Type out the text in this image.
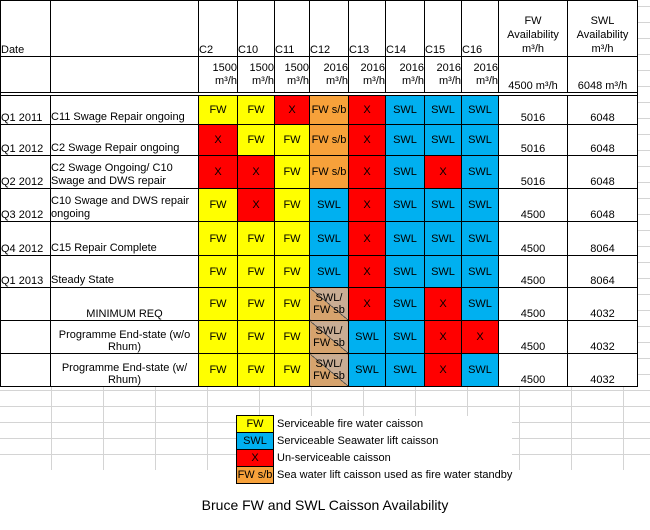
Date		C2	C10	C11	C12	C13	C14	C15	C16	FW Availability m³/h	SWL Availability m³/h
		1500 m³/h	1500 m³/h	1500 m³/h	2016 m³/h	2016 m³/h	2016 m³/h	2016 m³/h	2016 m³/h	4500 m³/h	6048 m³/h

Q1 2011	C11 Swage Repair ongoing	FW	FW	X	FW s/b	X	SWL	SWL	SWL	5016	6048
Q1 2012	C2 Swage Repair ongoing	X	FW	FW	FW s/b	X	SWL	SWL	SWL	5016	6048
Q2 2012	C2 Swage Ongoing/ C10 Swage and DWS repair	X	X	FW	FW s/b	X	SWL	X	SWL	5016	6048
Q3 2012	C10 Swage and DWS repair ongoing	FW	X	FW	SWL	X	SWL	SWL	SWL	4500	6048
Q4 2012	C15 Repair Complete	FW	FW	FW	SWL	X	SWL	SWL	SWL	4500	8064
Q1 2013	Steady State	FW	FW	FW	SWL	X	SWL	SWL	SWL	4500	8064
	MINIMUM REQ	FW	FW	FW	SWL/ FW sb	X	SWL	X	SWL	4500	4032
	Programme End-state (w/o Rhum)	FW	FW	FW	SWL/ FW sb	SWL	SWL	X	X	4500	4032
	Programme End-state (w/ Rhum)	FW	FW	FW	SWL/ FW sb	SWL	SWL	X	SWL	4500	4032
FW	Serviceable fire water caisson
SWL	Serviceable Seawater lift caisson
X	Un-serviceable caisson
FW s/b	Sea water lift caisson used as fire water standby
Bruce FW and SWL Caisson Availability
